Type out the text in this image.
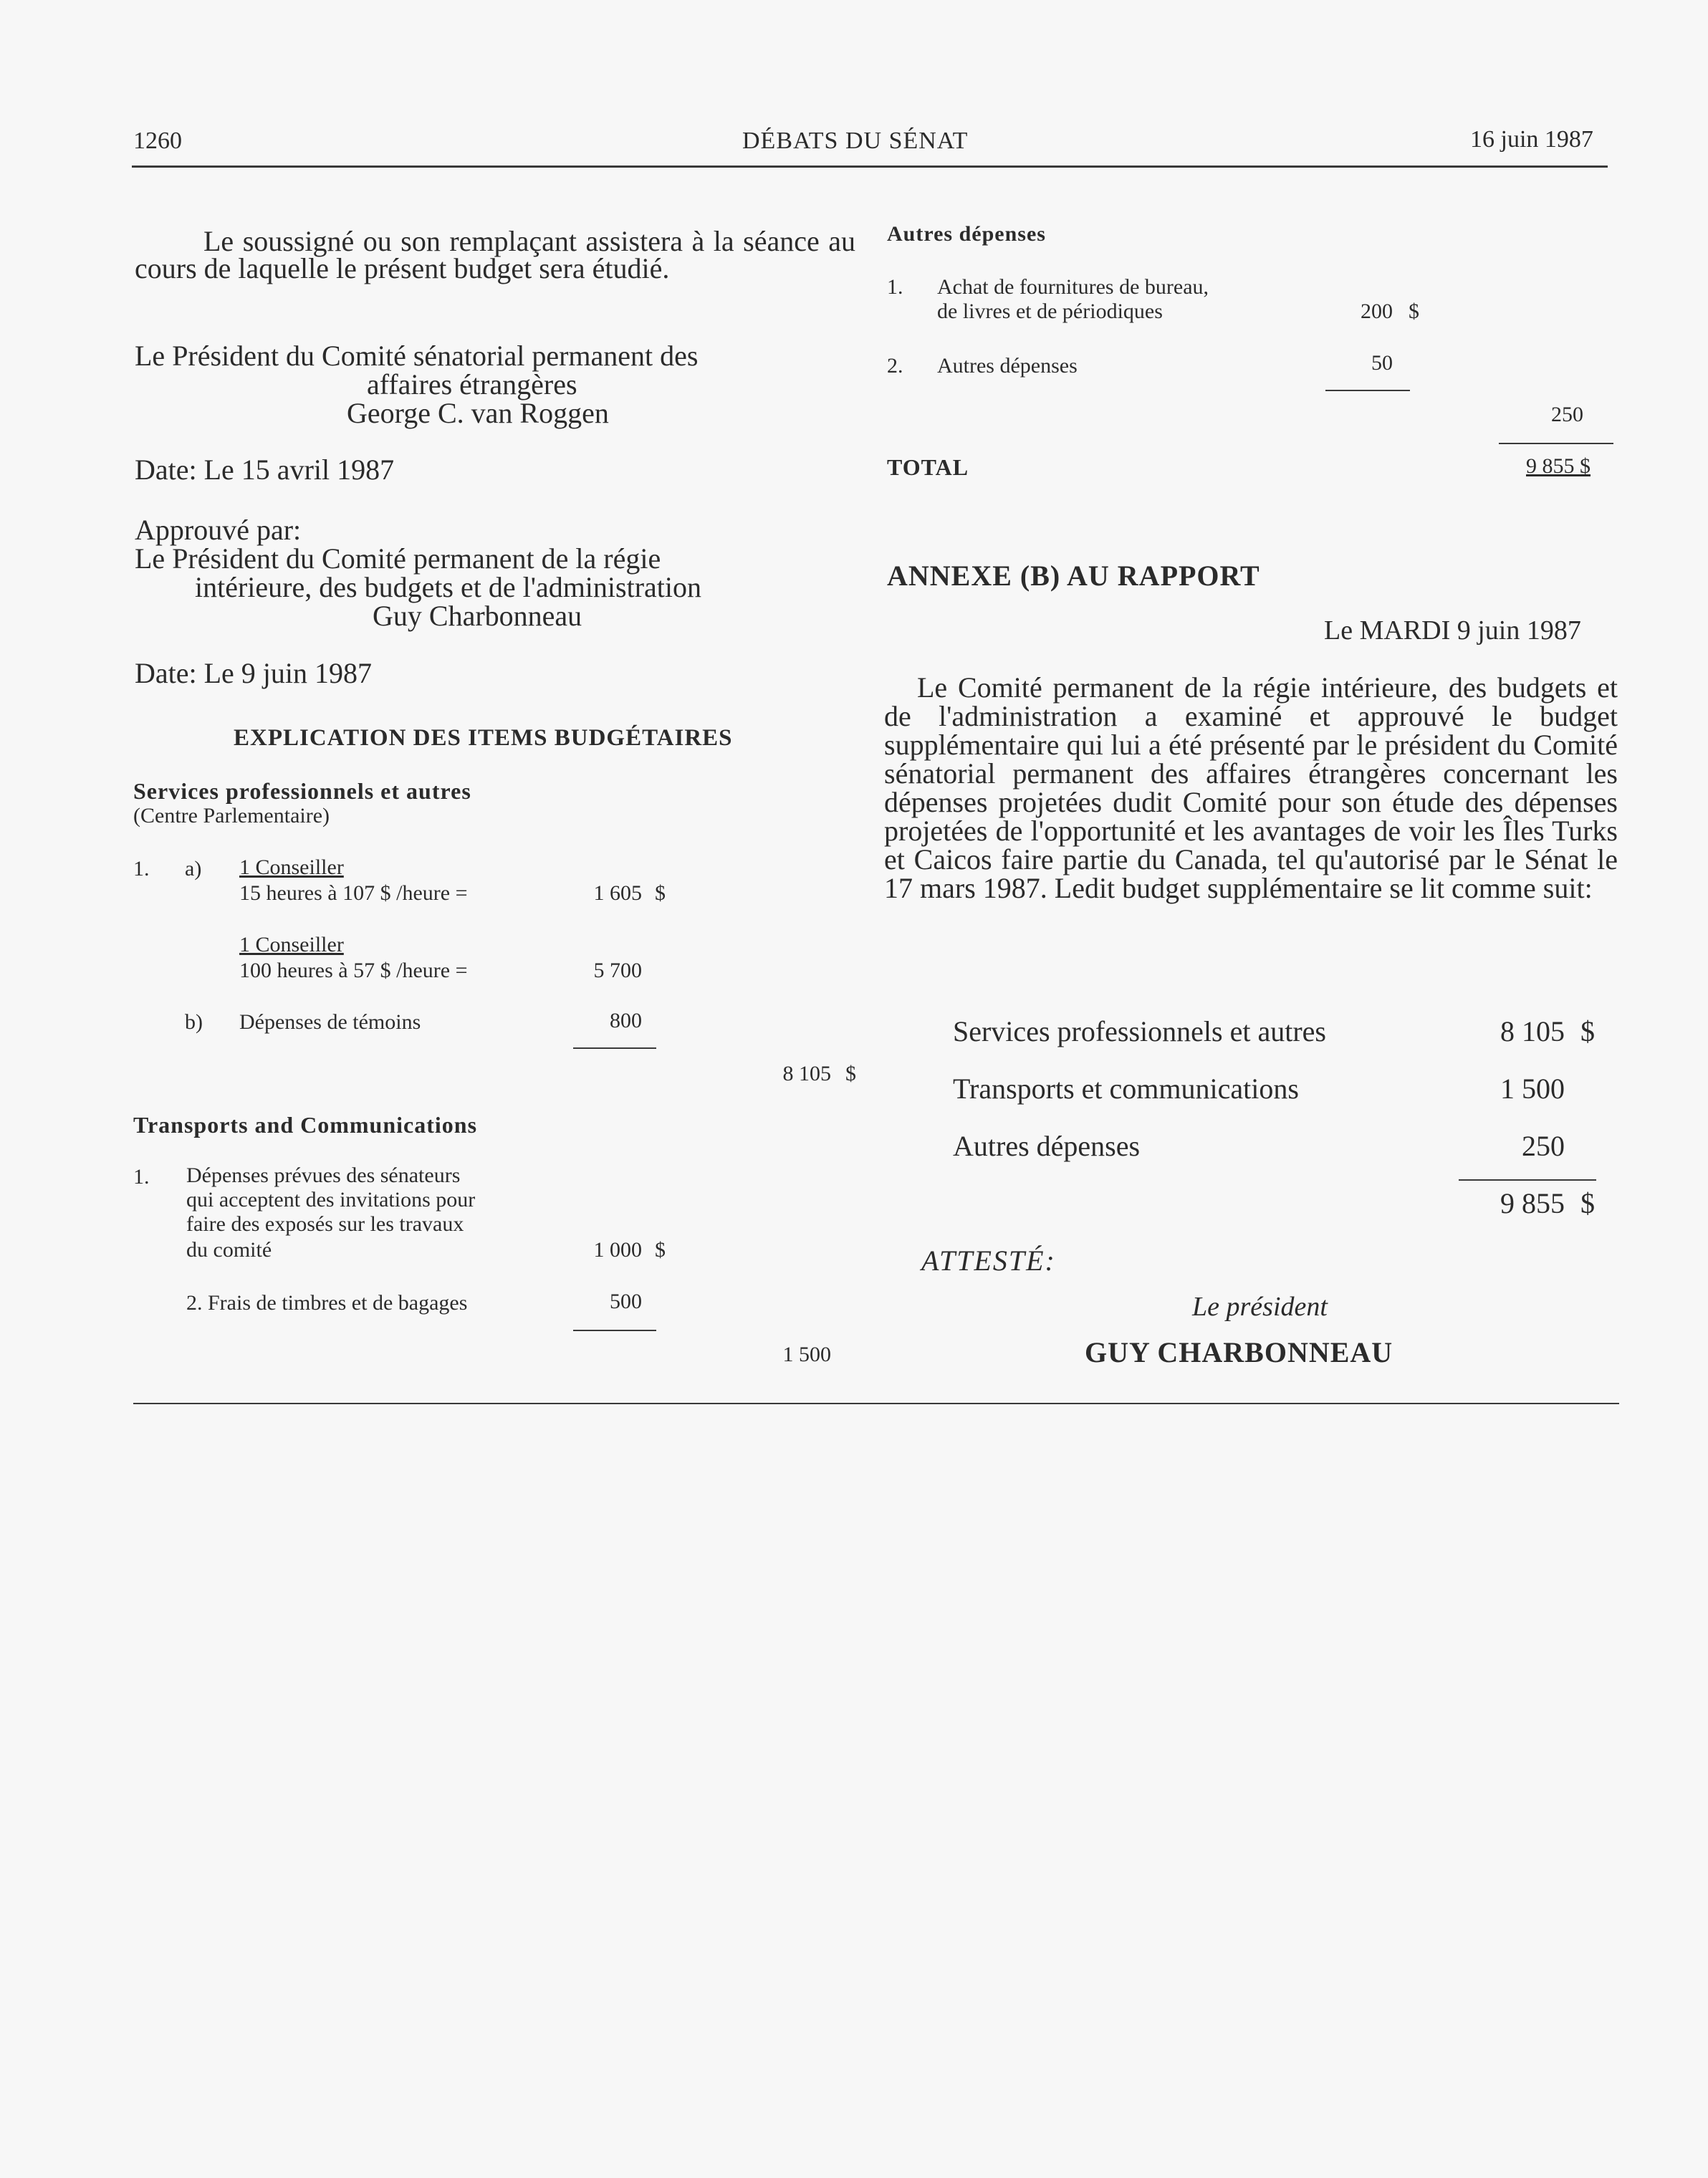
1260	DÉBATS DU SÉNAT	16 juin 1987
Le soussigné ou son remplaçant assistera à la séance au cours de laquelle le présent budget sera étudié.
Le Président du Comité sénatorial permanent des
affaires étrangères
George C. van Roggen
Date: Le 15 avril 1987
Approuvé par:
Le Président du Comité permanent de la régie
intérieure, des budgets et de l'administration
Guy Charbonneau
Date: Le 9 juin 1987
EXPLICATION DES ITEMS BUDGÉTAIRES
Services professionnels et autres
(Centre Parlementaire)
1. a) 1 Conseiller
15 heures à 107 $ /heure =	1 605 $
1 Conseiller
100 heures à 57 $ /heure =	5 700
b) Dépenses de témoins	800
8 105 $
Transports and Communications
1. Dépenses prévues des sénateurs
qui acceptent des invitations pour
faire des exposés sur les travaux
du comité	1 000 $
2. Frais de timbres et de bagages	500
1 500
Autres dépenses
1. Achat de fournitures de bureau,
de livres et de périodiques	200 $
2. Autres dépenses	50
250
TOTAL	9 855 $
ANNEXE (B) AU RAPPORT
Le MARDI 9 juin 1987
Le Comité permanent de la régie intérieure, des budgets et de l'administration a examiné et approuvé le budget supplémentaire qui lui a été présenté par le président du Comité sénatorial permanent des affaires étrangères concernant les dépenses projetées dudit Comité pour son étude des dépenses projetées de l'opportunité et les avantages de voir les Îles Turks et Caicos faire partie du Canada, tel qu'autorisé par le Sénat le 17 mars 1987. Ledit budget supplémentaire se lit comme suit:
Services professionnels et autres	8 105 $
Transports et communications	1 500
Autres dépenses	250
9 855 $
ATTESTÉ:
Le président
GUY CHARBONNEAU
